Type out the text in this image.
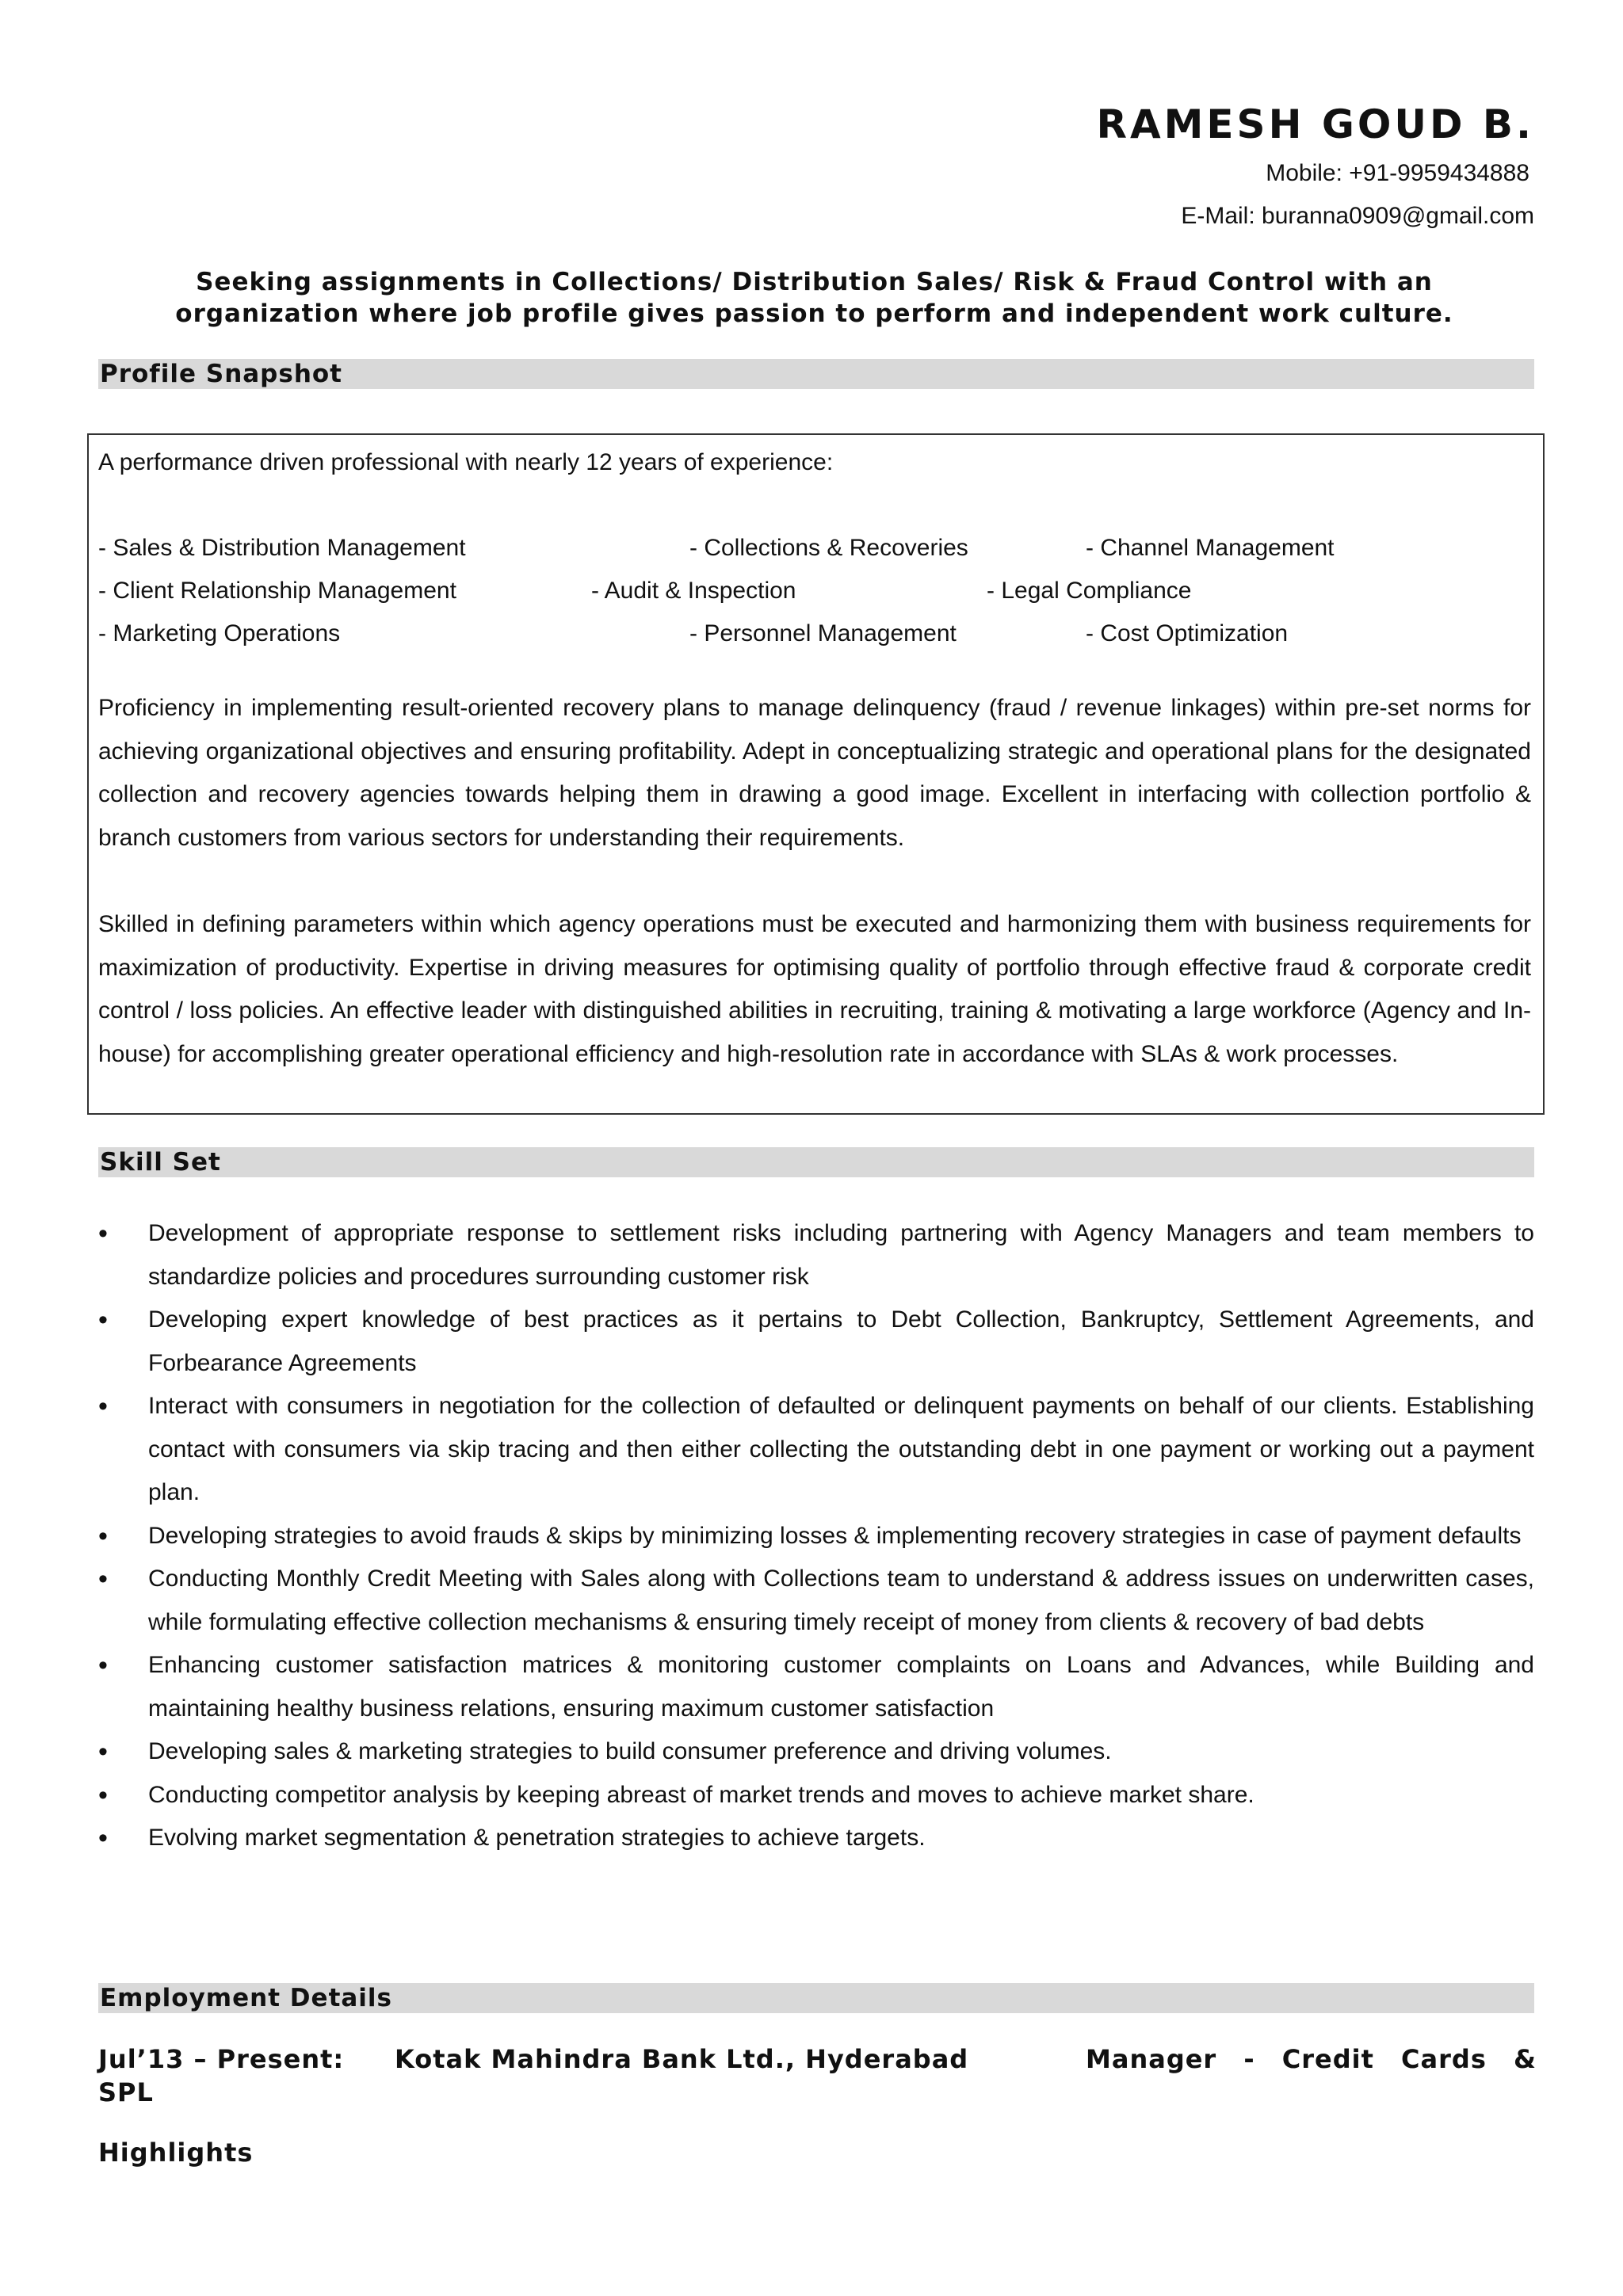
RAMESH GOUD B.
Mobile: +91-9959434888
E-Mail: buranna0909@gmail.com
Seeking assignments in Collections/ Distribution Sales/ Risk & Fraud Control with an organization where job profile gives passion to perform and independent work culture.
Profile Snapshot
A performance driven professional with nearly 12 years of experience:
- Sales & Distribution Management	- Collections & Recoveries	- Channel Management
- Client Relationship Management	- Audit & Inspection	- Legal Compliance
- Marketing Operations	- Personnel Management	- Cost Optimization
Proficiency in implementing result-oriented recovery plans to manage delinquency (fraud / revenue linkages) within pre-set norms for achieving organizational objectives and ensuring profitability. Adept in conceptualizing strategic and operational plans for the designated collection and recovery agencies towards helping them in drawing a good image. Excellent in interfacing with collection portfolio & branch customers from various sectors for understanding their requirements.
Skilled in defining parameters within which agency operations must be executed and harmonizing them with business requirements for maximization of productivity. Expertise in driving measures for optimising quality of portfolio through effective fraud & corporate credit control / loss policies. An effective leader with distinguished abilities in recruiting, training & motivating a large workforce (Agency and In-house) for accomplishing greater operational efficiency and high-resolution rate in accordance with SLAs & work processes.
Skill Set
• Development of appropriate response to settlement risks including partnering with Agency Managers and team members to standardize policies and procedures surrounding customer risk
• Developing expert knowledge of best practices as it pertains to Debt Collection, Bankruptcy, Settlement Agreements, and Forbearance Agreements
• Interact with consumers in negotiation for the collection of defaulted or delinquent payments on behalf of our clients. Establishing contact with consumers via skip tracing and then either collecting the outstanding debt in one payment or working out a payment plan.
• Developing strategies to avoid frauds & skips by minimizing losses & implementing recovery strategies in case of payment defaults
• Conducting Monthly Credit Meeting with Sales along with Collections team to understand & address issues on underwritten cases, while formulating effective collection mechanisms & ensuring timely receipt of money from clients & recovery of bad debts
• Enhancing customer satisfaction matrices & monitoring customer complaints on Loans and Advances, while Building and maintaining healthy business relations, ensuring maximum customer satisfaction
• Developing sales & marketing strategies to build consumer preference and driving volumes.
• Conducting competitor analysis by keeping abreast of market trends and moves to achieve market share.
• Evolving market segmentation & penetration strategies to achieve targets.
Employment Details
Jul’13 – Present: Kotak Mahindra Bank Ltd., Hyderabad	Manager - Credit Cards &
SPL
Highlights
